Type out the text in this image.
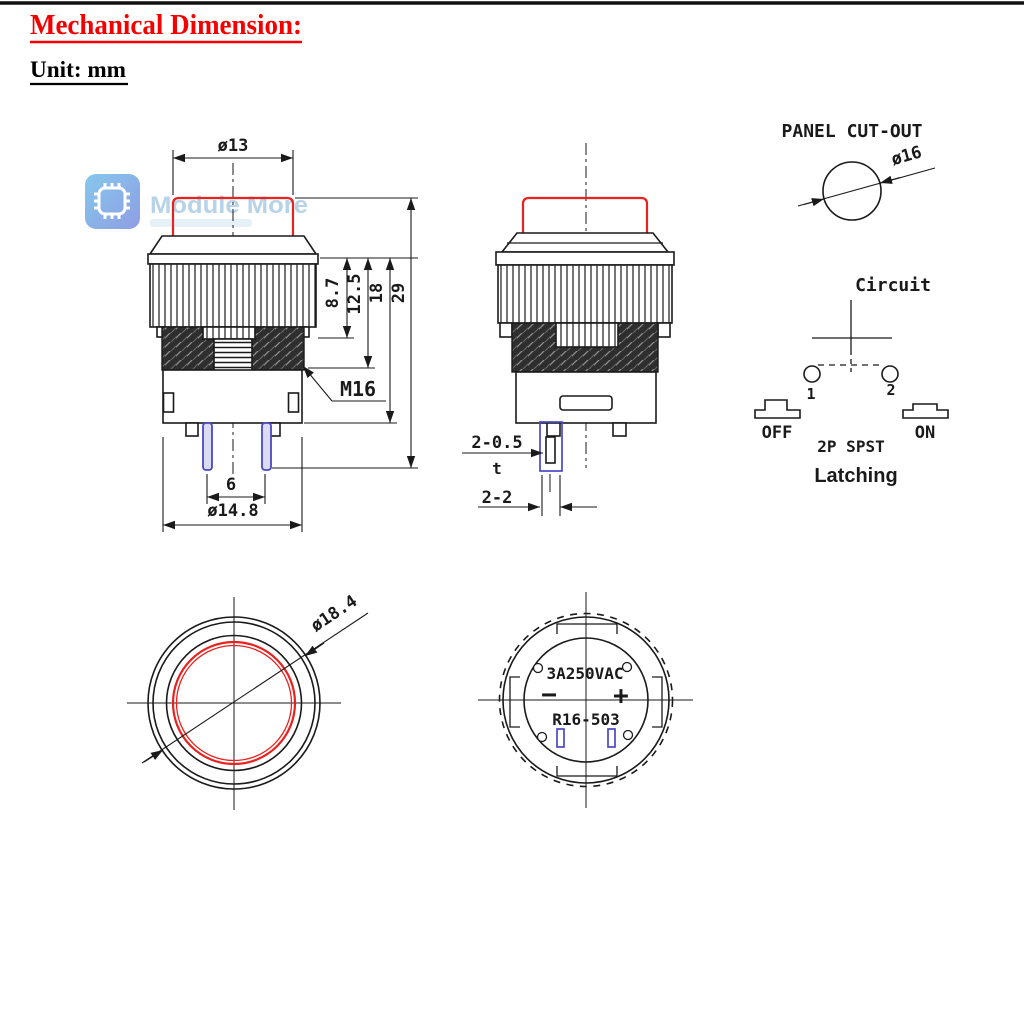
Mechanical Dimension:
Unit: mm
Module More
ø13
8.7 12.5 18 29
M16
6
ø14.8
2-0.5
t
2-2
PANEL CUT-OUT
ø16
Circuit
1	2
OFF	ON
2P SPST
Latching
ø18.4
3A250VAC
− +
R16-503
